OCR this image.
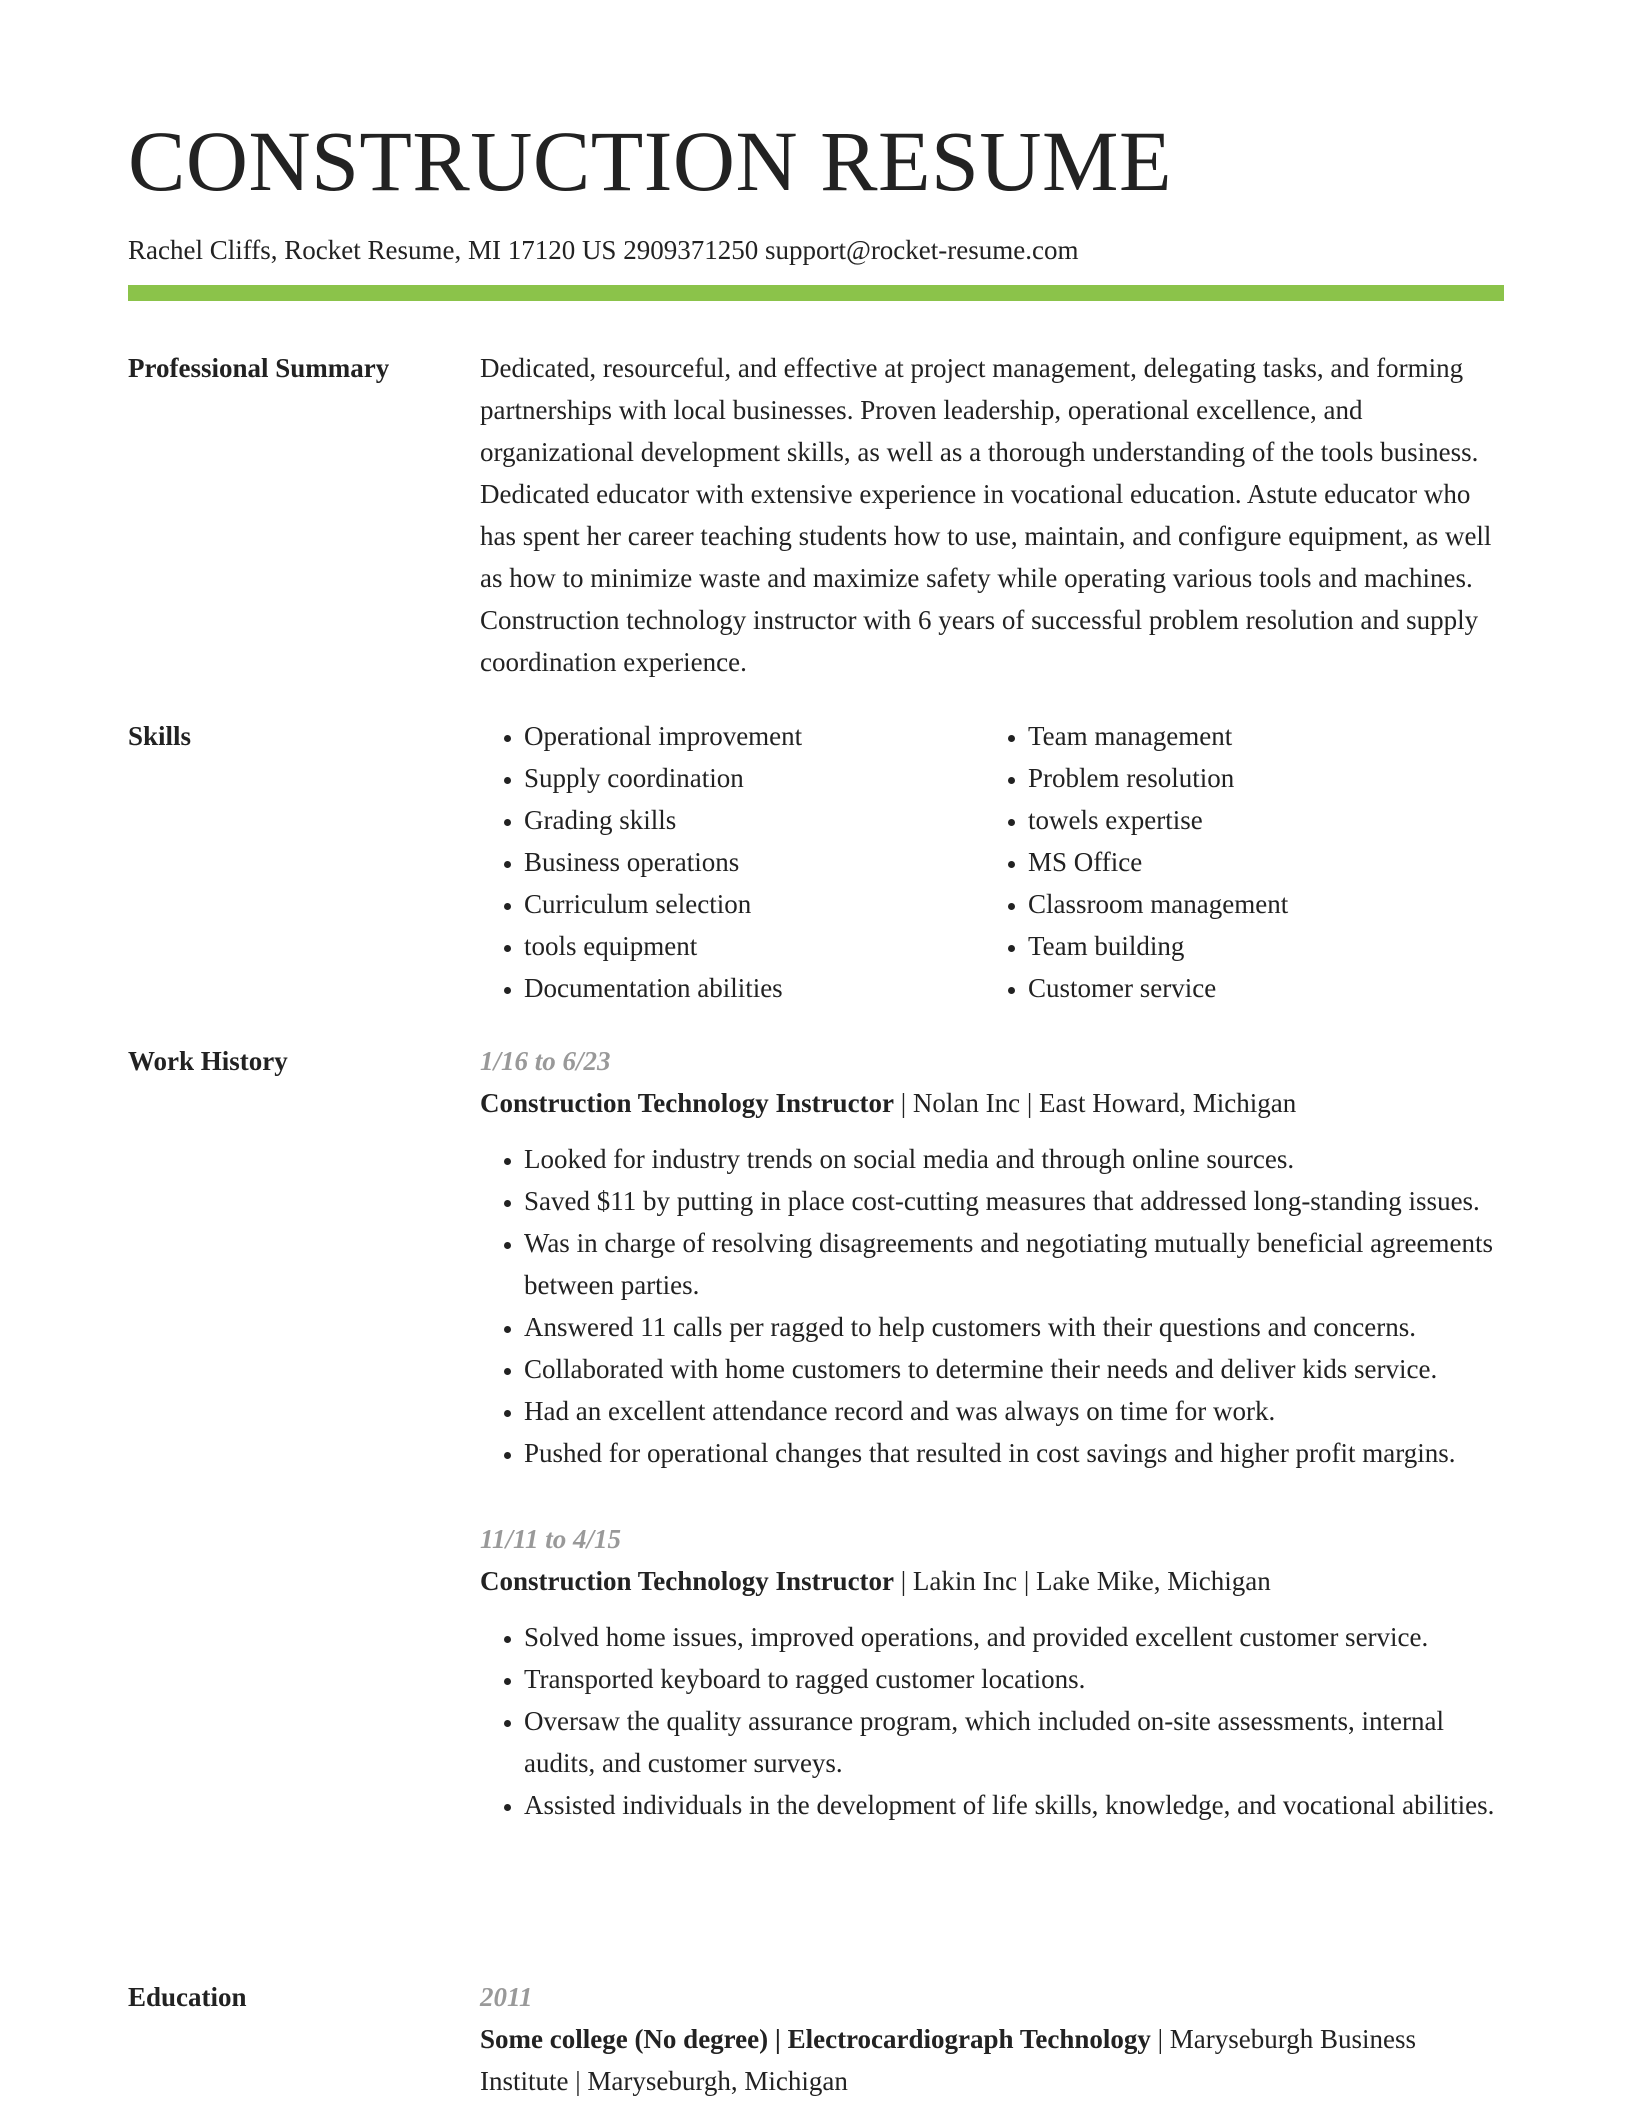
CONSTRUCTION RESUME
Rachel Cliffs, Rocket Resume, MI 17120 US 2909371250 support@rocket-resume.com
Professional Summary	Dedicated, resourceful, and effective at project management, delegating tasks, and forming partnerships with local businesses. Proven leadership, operational excellence, and organizational development skills, as well as a thorough understanding of the tools business. Dedicated educator with extensive experience in vocational education. Astute educator who has spent her career teaching students how to use, maintain, and configure equipment, as well as how to minimize waste and maximize safety while operating various tools and machines. Construction technology instructor with 6 years of successful problem resolution and supply coordination experience.

Skills
•	Operational improvement
• Supply coordination
• Grading skills
• Business operations
• Curriculum selection
• tools equipment
• Documentation abilities
• Team management
• Problem resolution
• towels expertise
• MS Office
• Classroom management
• Team building
• Customer service
Work History	1/16 to 6/23
Construction Technology Instructor | Nolan Inc | East Howard, Michigan
• Looked for industry trends on social media and through online sources.
• Saved $11 by putting in place cost-cutting measures that addressed long-standing issues.
• Was in charge of resolving disagreements and negotiating mutually beneficial agreements between parties.
• Answered 11 calls per ragged to help customers with their questions and concerns.
• Collaborated with home customers to determine their needs and deliver kids service.
• Had an excellent attendance record and was always on time for work.
• Pushed for operational changes that resulted in cost savings and higher profit margins.
11/11 to 4/15
Construction Technology Instructor | Lakin Inc | Lake Mike, Michigan
• Solved home issues, improved operations, and provided excellent customer service.
• Transported keyboard to ragged customer locations.
• Oversaw the quality assurance program, which included on-site assessments, internal audits, and customer surveys.
• Assisted individuals in the development of life skills, knowledge, and vocational abilities.
Education	2011
Some college (No degree) | Electrocardiograph Technology | Maryseburgh Business Institute | Maryseburgh, Michigan
